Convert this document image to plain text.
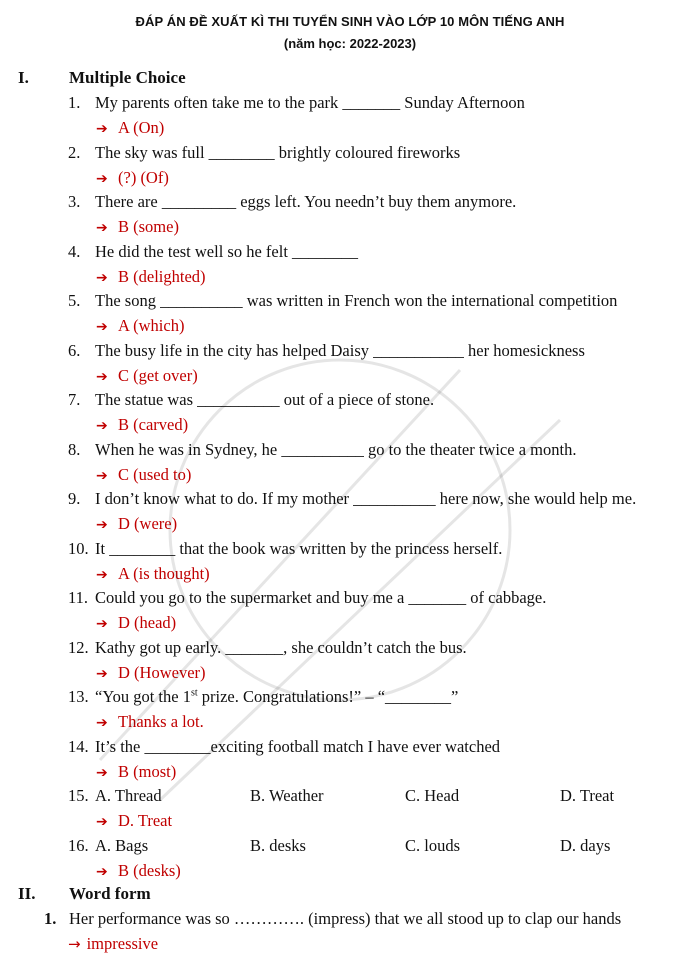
ĐÁP ÁN ĐỀ XUẤT KÌ THI TUYỂN SINH VÀO LỚP 10 MÔN TIẾNG ANH
(năm học: 2022-2023)
I. Multiple Choice
1. My parents often take me to the park _______ Sunday Afternoon
➔ A (On)
2. The sky was full ________ brightly coloured fireworks
➔ (?) (Of)
3. There are _________ eggs left. You needn’t buy them anymore.
➔ B (some)
4. He did the test well so he felt ________
➔ B (delighted)
5. The song __________ was written in French won the international competition
➔ A (which)
6. The busy life in the city has helped Daisy ___________ her homesickness
➔ C (get over)
7. The statue was __________ out of a piece of stone.
➔ B (carved)
8. When he was in Sydney, he __________ go to the theater twice a month.
➔ C (used to)
9. I don’t know what to do. If my mother __________ here now, she would help me.
➔ D (were)
10. It ________ that the book was written by the princess herself.
➔ A (is thought)
11. Could you go to the supermarket and buy me a _______ of cabbage.
➔ D (head)
12. Kathy got up early. _______, she couldn’t catch the bus.
➔ D (However)
13. “You got the 1st prize. Congratulations!” – “________”
➔ Thanks a lot.
14. It’s the ________exciting football match I have ever watched
➔ B (most)
15. A. Thread	B. Weather	C. Head	D. Treat
➔ D. Treat
16. A. Bags	B. desks	C. louds	D. days
➔ B (desks)
II. Word form
1. Her performance was so …………. (impress) that we all stood up to clap our hands
→ impressive
